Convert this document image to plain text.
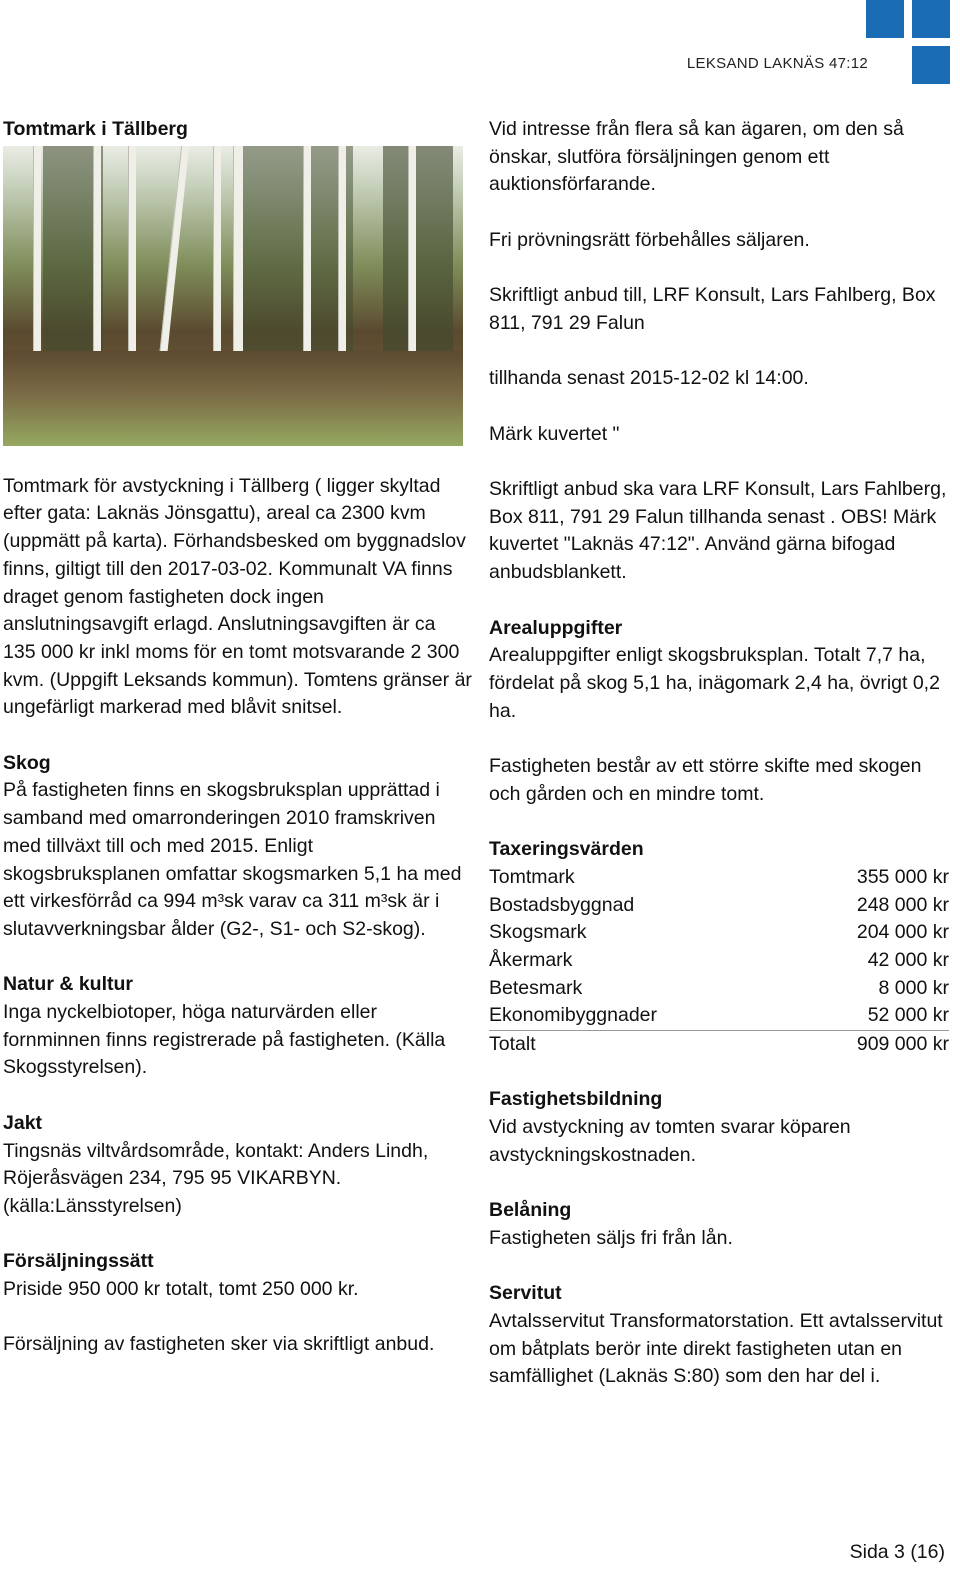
LEKSAND LAKNÄS 47:12
Tomtmark i Tällberg
Tomtmark för avstyckning i Tällberg ( ligger skyltad efter gata: Laknäs Jönsgattu), areal ca 2300 kvm (uppmätt på karta). Förhandsbesked om byggnadslov finns, giltigt till den 2017-03-02. Kommunalt VA finns draget genom fastigheten dock ingen anslutningsavgift erlagd. Anslutningsavgiften är ca 135 000 kr inkl moms för en tomt motsvarande 2 300 kvm. (Uppgift Leksands kommun). Tomtens gränser är ungefärligt markerad med blåvit snitsel.
Skog
På fastigheten finns en skogsbruksplan upprättad i samband med omarronderingen 2010 framskriven med tillväxt till och med 2015. Enligt skogsbruksplanen omfattar skogsmarken 5,1 ha med ett virkesförråd ca 994 m³sk varav ca 311 m³sk är i slutavverkningsbar ålder (G2-, S1- och S2-skog).
Natur & kultur
Inga nyckelbiotoper, höga naturvärden eller fornminnen finns registrerade på fastigheten. (Källa Skogsstyrelsen).
Jakt
Tingsnäs viltvårdsområde, kontakt: Anders Lindh, Röjeråsvägen 234, 795 95 VIKARBYN. (källa:Länsstyrelsen)
Försäljningssätt
Priside 950 000 kr totalt, tomt 250 000 kr.
Försäljning av fastigheten sker via skriftligt anbud.
Vid intresse från flera så kan ägaren, om den så önskar, slutföra försäljningen genom ett auktionsförfarande.
Fri prövningsrätt förbehålles säljaren.
Skriftligt anbud till, LRF Konsult, Lars Fahlberg, Box 811, 791 29 Falun
tillhanda senast 2015-12-02 kl 14:00.
Märk kuvertet "
Skriftligt anbud ska vara LRF Konsult, Lars Fahlberg, Box 811, 791 29 Falun tillhanda senast . OBS! Märk kuvertet "Laknäs 47:12". Använd gärna bifogad anbudsblankett.
Arealuppgifter
Arealuppgifter enligt skogsbruksplan. Totalt 7,7 ha, fördelat på skog 5,1 ha, inägomark 2,4 ha, övrigt 0,2 ha.
Fastigheten består av ett större skifte med skogen och gården och en mindre tomt.
Taxeringsvärden
Tomtmark	355 000 kr
Bostadsbyggnad	248 000 kr
Skogsmark	204 000 kr
Åkermark	42 000 kr
Betesmark	8 000 kr
Ekonomibyggnader	52 000 kr
Totalt	909 000 kr
Fastighetsbildning
Vid avstyckning av tomten svarar köparen avstyckningskostnaden.
Belåning
Fastigheten säljs fri från lån.
Servitut
Avtalsservitut Transformatorstation. Ett avtalsservitut om båtplats berör inte direkt fastigheten utan en samfällighet (Laknäs S:80) som den har del i.
Sida 3 (16)
